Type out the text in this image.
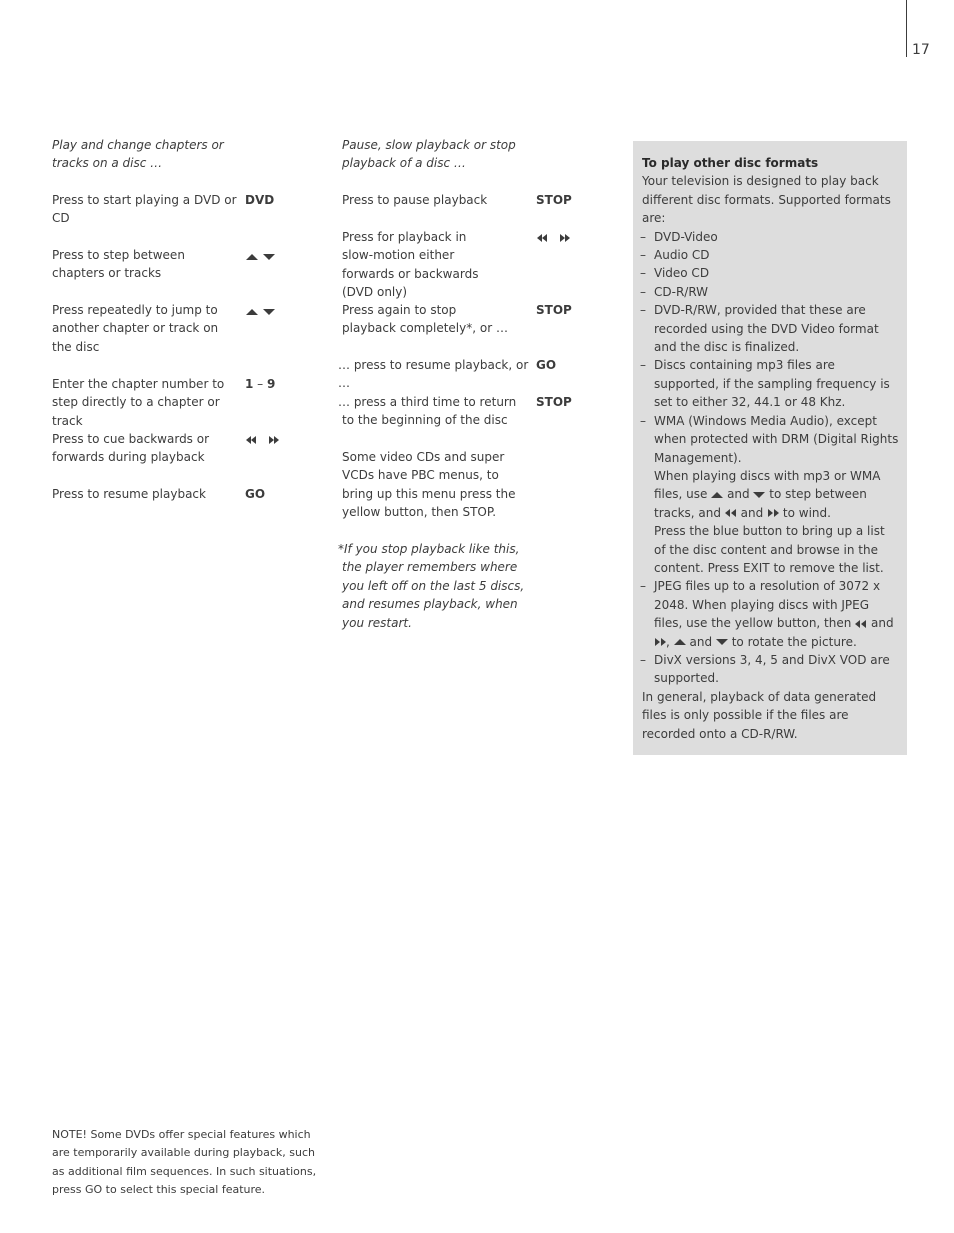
17
Play and change chapters or
tracks on a disc …
Press to start playing a DVD or CD
DVD
Press to step between chapters or tracks
Press repeatedly to jump to another chapter or track on the disc
Enter the chapter number to step directly to a chapter or track
1 – 9
Press to cue backwards or forwards during playback
Press to resume playback	GO
Pause, slow playback or stop
playback of a disc …
Press to pause playback	STOP
Press for playback in slow-motion either forwards or backwards (DVD only)
Press again to stop playback completely*, or …
STOP
… press to resume playback, or …
GO
… press a third time to return to the beginning of the disc
STOP
Some video CDs and super VCDs have PBC menus, to bring up this menu press the yellow button, then STOP.
*If you stop playback like this, the player remembers where you left off on the last 5 discs, and resumes playback, when you restart.
To play other disc formats
Your television is designed to play back different disc formats. Supported formats are:
– DVD-Video
– Audio CD
– Video CD
– CD-R/RW
– DVD-R/RW, provided that these are recorded using the DVD Video format and the disc is finalized.
– Discs containing mp3 files are supported, if the sampling frequency is set to either 32, 44.1 or 48 Khz.
– WMA (Windows Media Audio), except when protected with DRM (Digital Rights Management).
When playing discs with mp3 or WMA files, use and to step between tracks, and and to wind.
Press the blue button to bring up a list of the disc content and browse in the content. Press EXIT to remove the list.
– JPEG files up to a resolution of 3072 x 2048. When playing discs with JPEG files, use the yellow button, then and , and to rotate the picture.
– DivX versions 3, 4, 5 and DivX VOD are supported.
In general, playback of data generated files is only possible if the files are recorded onto a CD-R/RW.
NOTE! Some DVDs offer special features which are temporarily available during playback, such as additional film sequences. In such situations, press GO to select this special feature.
